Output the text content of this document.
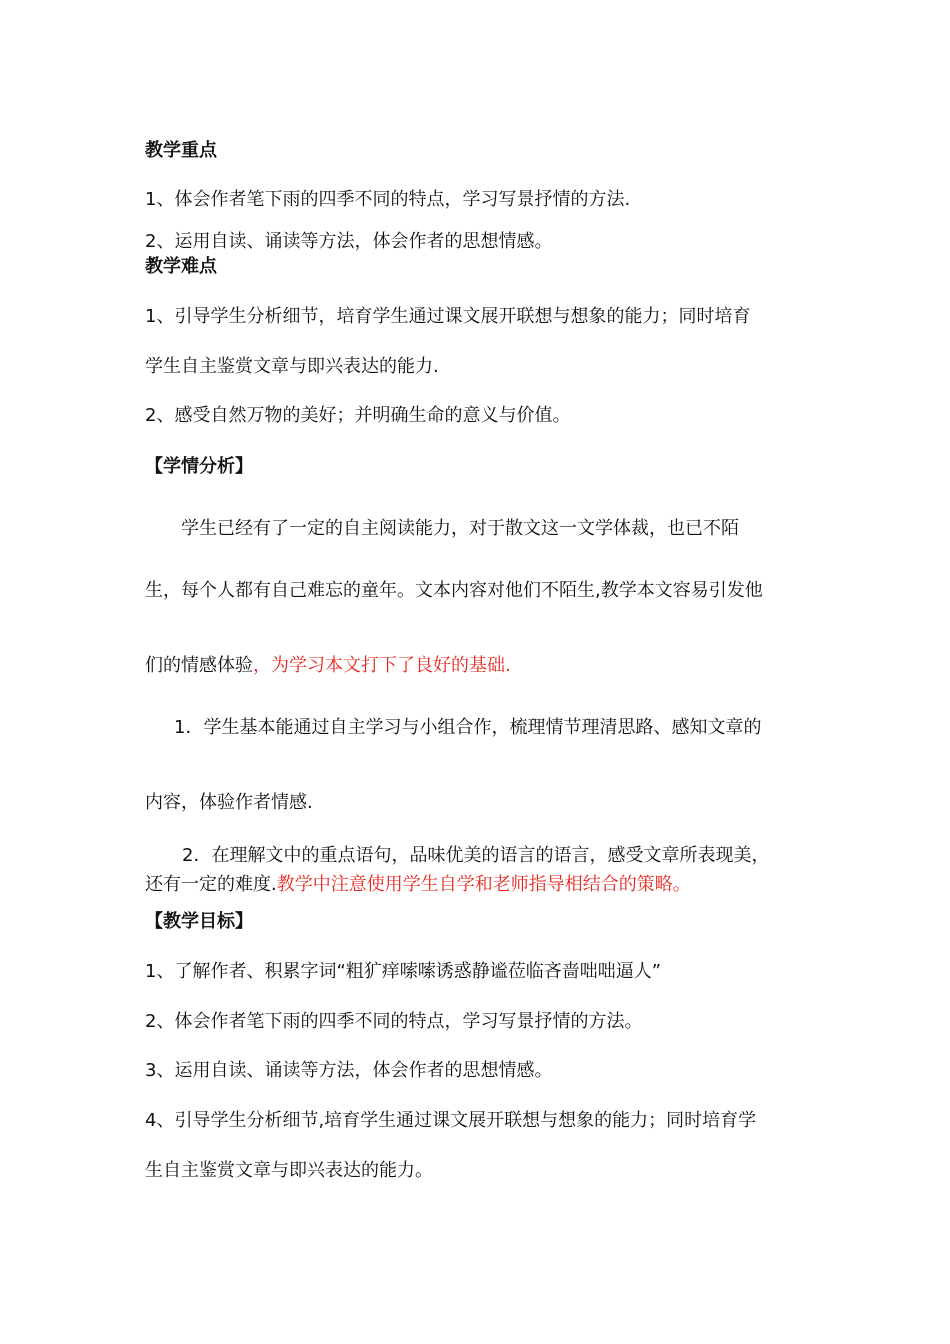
教学重点
1、体会作者笔下雨的四季不同的特点，学习写景抒情的方法.
2、运用自读、诵读等方法，体会作者的思想情感。
教学难点
1、引导学生分析细节，培育学生通过课文展开联想与想象的能力；同时培育
学生自主鉴赏文章与即兴表达的能力.
2、感受自然万物的美好；并明确生命的意义与价值。
【学情分析】
学生已经有了一定的自主阅读能力，对于散文这一文学体裁，也已不陌
生，每个人都有自己难忘的童年。文本内容对他们不陌生,教学本文容易引发他
们的情感体验，为学习本文打下了良好的基础.
1．学生基本能通过自主学习与小组合作，梳理情节理清思路、感知文章的
内容，体验作者情感.
2．在理解文中的重点语句，品味优美的语言的语言，感受文章所表现美，
还有一定的难度.教学中注意使用学生自学和老师指导相结合的策略。
【教学目标】
1、了解作者、积累字词“粗犷痒嗦嗦诱惑静谧莅临吝啬咄咄逼人”
2、体会作者笔下雨的四季不同的特点，学习写景抒情的方法。
3、运用自读、诵读等方法，体会作者的思想情感。
4、引导学生分析细节,培育学生通过课文展开联想与想象的能力；同时培育学
生自主鉴赏文章与即兴表达的能力。
